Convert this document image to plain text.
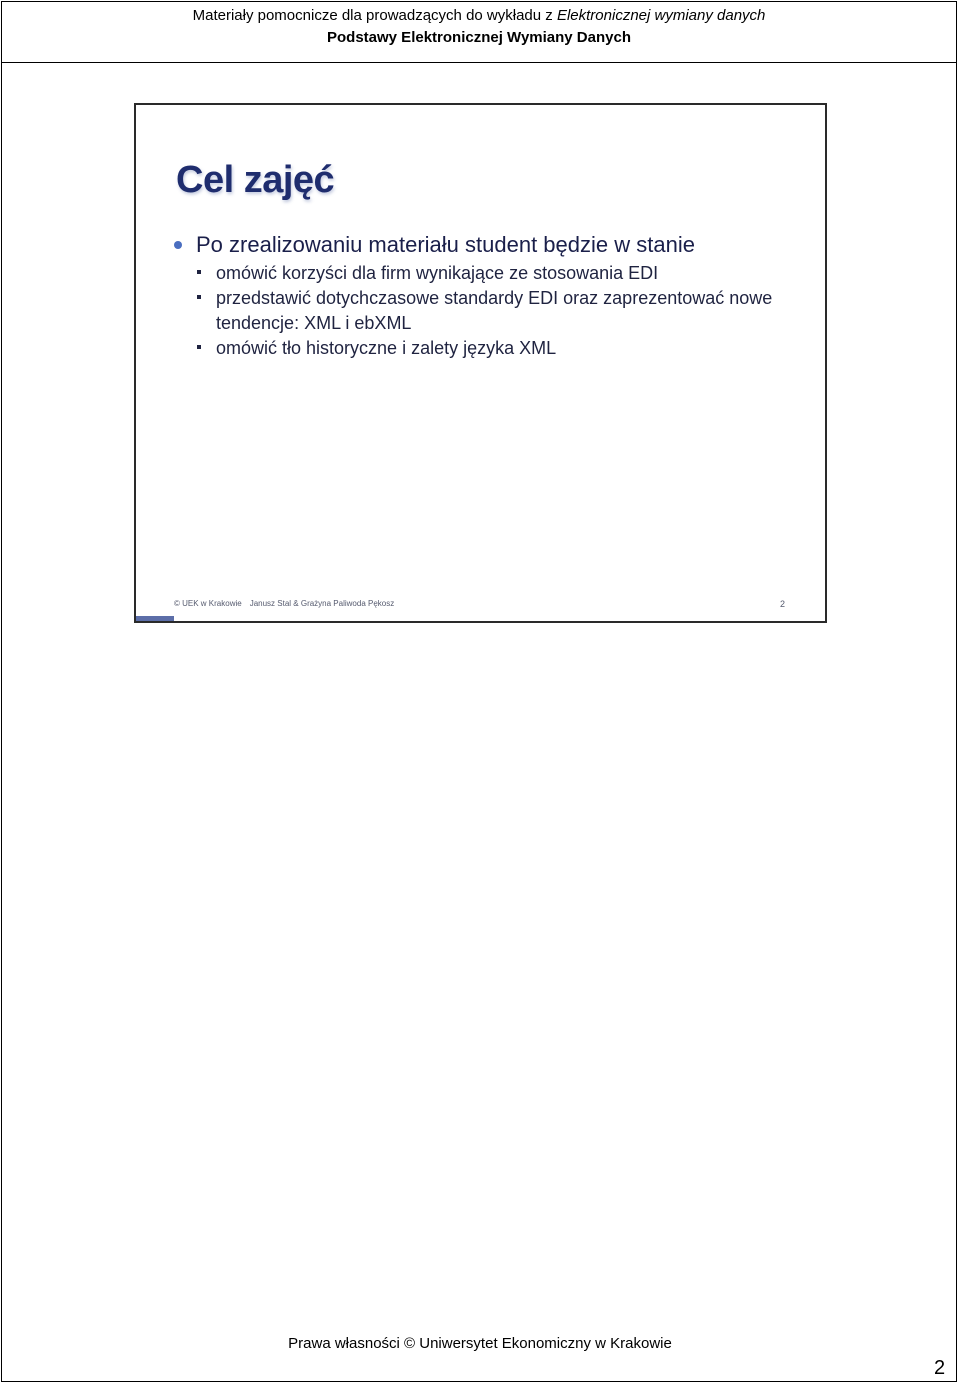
Materiały pomocnicze dla prowadzących do wykładu z Elektronicznej wymiany danych
Podstawy Elektronicznej Wymiany Danych
Cel zajęć
Po zrealizowaniu materiału student będzie w stanie
omówić korzyści dla firm wynikające ze stosowania EDI
przedstawić dotychczasowe standardy EDI oraz zaprezentować nowe tendencje: XML i ebXML
omówić tło historyczne i zalety języka XML
© UEK w Krakowie Janusz Stal & Grażyna Paliwoda Pękosz	2
Prawa własności © Uniwersytet Ekonomiczny w Krakowie
2
